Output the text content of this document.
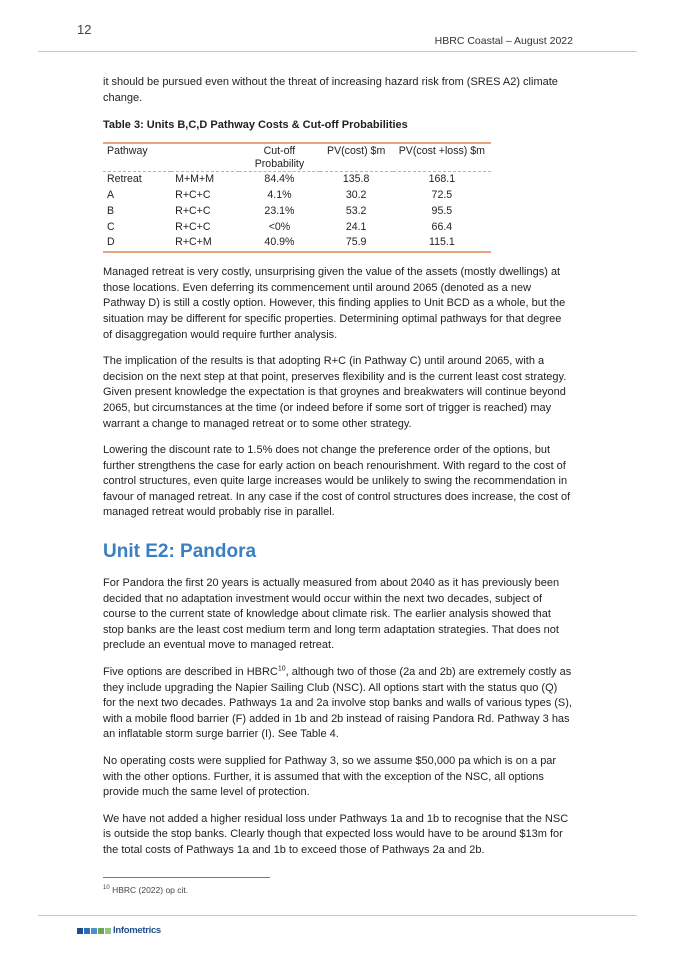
12
HBRC Coastal – August 2022

it should be pursued even without the threat of increasing hazard risk from (SRES A2) climate change.

Table 3: Units B,C,D Pathway Costs & Cut-off Probabilities
Pathway		Cut-off Probability	PV(cost) $m	PV(cost +loss) $m
Retreat	M+M+M	84.4%	135.8	168.1
A	R+C+C	4.1%	30.2	72.5
B	R+C+C	23.1%	53.2	95.5
C	R+C+C	<0%	24.1	66.4
D	R+C+M	40.9%	75.9	115.1

Managed retreat is very costly, unsurprising given the value of the assets (mostly dwellings) at those locations. Even deferring its commencement until around 2065 (denoted as a new Pathway D) is still a costly option. However, this finding applies to Unit BCD as a whole, but the situation may be different for specific properties. Determining optimal pathways for that degree of disaggregation would require further analysis.

The implication of the results is that adopting R+C (in Pathway C) until around 2065, with a decision on the next step at that point, preserves flexibility and is the current least cost strategy. Given present knowledge the expectation is that groynes and breakwaters will continue beyond 2065, but circumstances at the time (or indeed before if some sort of trigger is reached) may warrant a change to managed retreat or to some other strategy.

Lowering the discount rate to 1.5% does not change the preference order of the options, but further strengthens the case for early action on beach renourishment. With regard to the cost of control structures, even quite large increases would be unlikely to swing the recommendation in favour of managed retreat. In any case if the cost of control structures does increase, the cost of managed retreat would probably rise in parallel.

Unit E2: Pandora

For Pandora the first 20 years is actually measured from about 2040 as it has previously been decided that no adaptation investment would occur within the next two decades, subject of course to the current state of knowledge about climate risk. The earlier analysis showed that stop banks are the least cost medium term and long term adaptation strategies. That does not preclude an eventual move to managed retreat.

Five options are described in HBRC$^{10}$, although two of those (2a and 2b) are extremely costly as they include upgrading the Napier Sailing Club (NSC). All options start with the status quo (Q) for the next two decades. Pathways 1a and 2a involve stop banks and walls of various types (S), with a mobile flood barrier (F) added in 1b and 2b instead of raising Pandora Rd. Pathway 3 has an inflatable storm surge barrier (I). See Table 4.

No operating costs were supplied for Pathway 3, so we assume $50,000 pa which is on a par with the other options. Further, it is assumed that with the exception of the NSC, all options provide much the same level of protection.

We have not added a higher residual loss under Pathways 1a and 1b to recognise that the NSC is outside the stop banks. Clearly though that expected loss would have to be around $13m for the total costs of Pathways 1a and 1b to exceed those of Pathways 2a and 2b.

$^{10}$ HBRC (2022) op cit.
Infometrics
